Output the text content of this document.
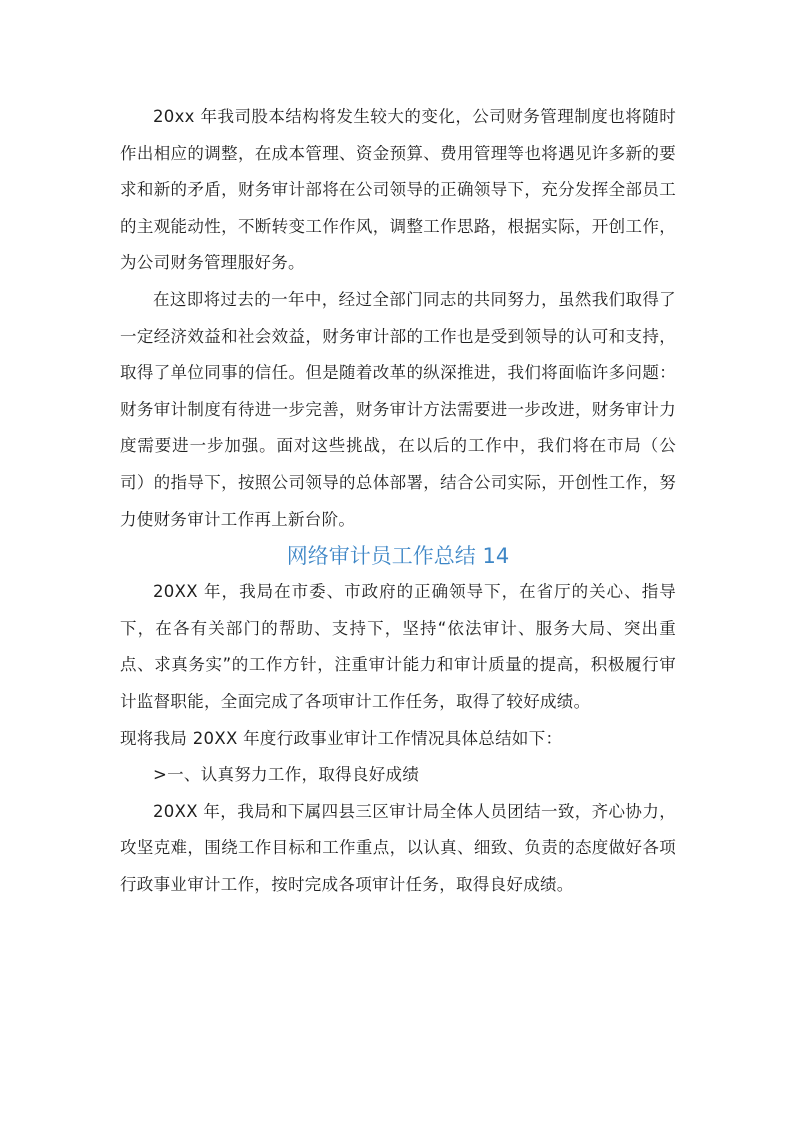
20xx 年我司股本结构将发生较大的变化，公司财务管理制度也将随时作出相应的调整，在成本管理、资金预算、费用管理等也将遇见许多新的要求和新的矛盾，财务审计部将在公司领导的正确领导下，充分发挥全部员工的主观能动性，不断转变工作作风，调整工作思路，根据实际，开创工作，为公司财务管理服好务。

在这即将过去的一年中，经过全部门同志的共同努力，虽然我们取得了一定经济效益和社会效益，财务审计部的工作也是受到领导的认可和支持，取得了单位同事的信任。但是随着改革的纵深推进，我们将面临许多问题：财务审计制度有待进一步完善，财务审计方法需要进一步改进，财务审计力度需要进一步加强。面对这些挑战，在以后的工作中，我们将在市局（公司）的指导下，按照公司领导的总体部署，结合公司实际，开创性工作，努力使财务审计工作再上新台阶。

网络审计员工作总结 14

20XX 年，我局在市委、市政府的正确领导下，在省厅的关心、指导下，在各有关部门的帮助、支持下，坚持“依法审计、服务大局、突出重点、求真务实”的工作方针，注重审计能力和审计质量的提高，积极履行审计监督职能，全面完成了各项审计工作任务，取得了较好成绩。

现将我局 20XX 年度行政事业审计工作情况具体总结如下：

>一、认真努力工作，取得良好成绩

20XX 年，我局和下属四县三区审计局全体人员团结一致，齐心协力，攻坚克难，围绕工作目标和工作重点，以认真、细致、负责的态度做好各项行政事业审计工作，按时完成各项审计任务，取得良好成绩。
